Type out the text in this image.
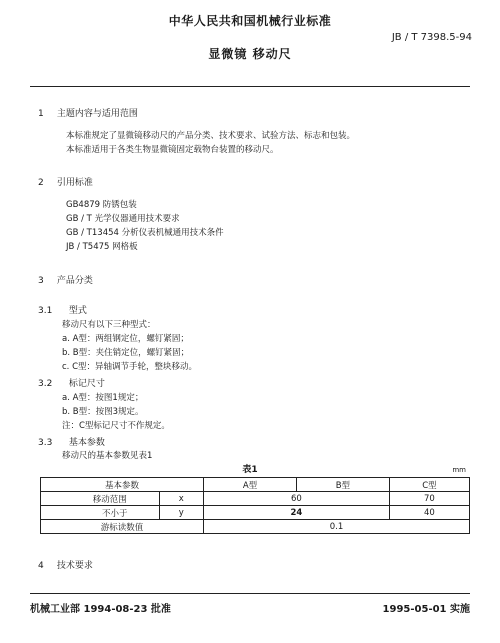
中华人民共和国机械行业标准
JB / T 7398.5-94
显微镜 移动尺
1 主题内容与适用范围
本标准规定了显微镜移动尺的产品分类、技术要求、试验方法、标志和包装。
本标准适用于各类生物显微镜固定载物台装置的移动尺。
2 引用标准
GB4879 防锈包装
GB / T 光学仪器通用技术要求
GB / T13454 分析仪表机械通用技术条件
JB / T5475 网格板
3 产品分类
3.1 型式
移动尺有以下三种型式：
a. A型：两组钢定位，螺钉紧固；
b. B型：夹住销定位，螺钉紧固；
c. C型：异轴调节手轮，整块移动。
3.2 标记尺寸
a. A型：按图1规定；
b. B型：按图3规定。
注：C型标记尺寸不作规定。
3.3 基本参数
移动尺的基本参数见表1
表1	mm
基本参数		A型	B型	C型
移动范围	x	60		70
不小于	y	24		40
游标读数值		0.1		
4 技术要求
机械工业部 1994-08-23 批准	1995-05-01 实施
